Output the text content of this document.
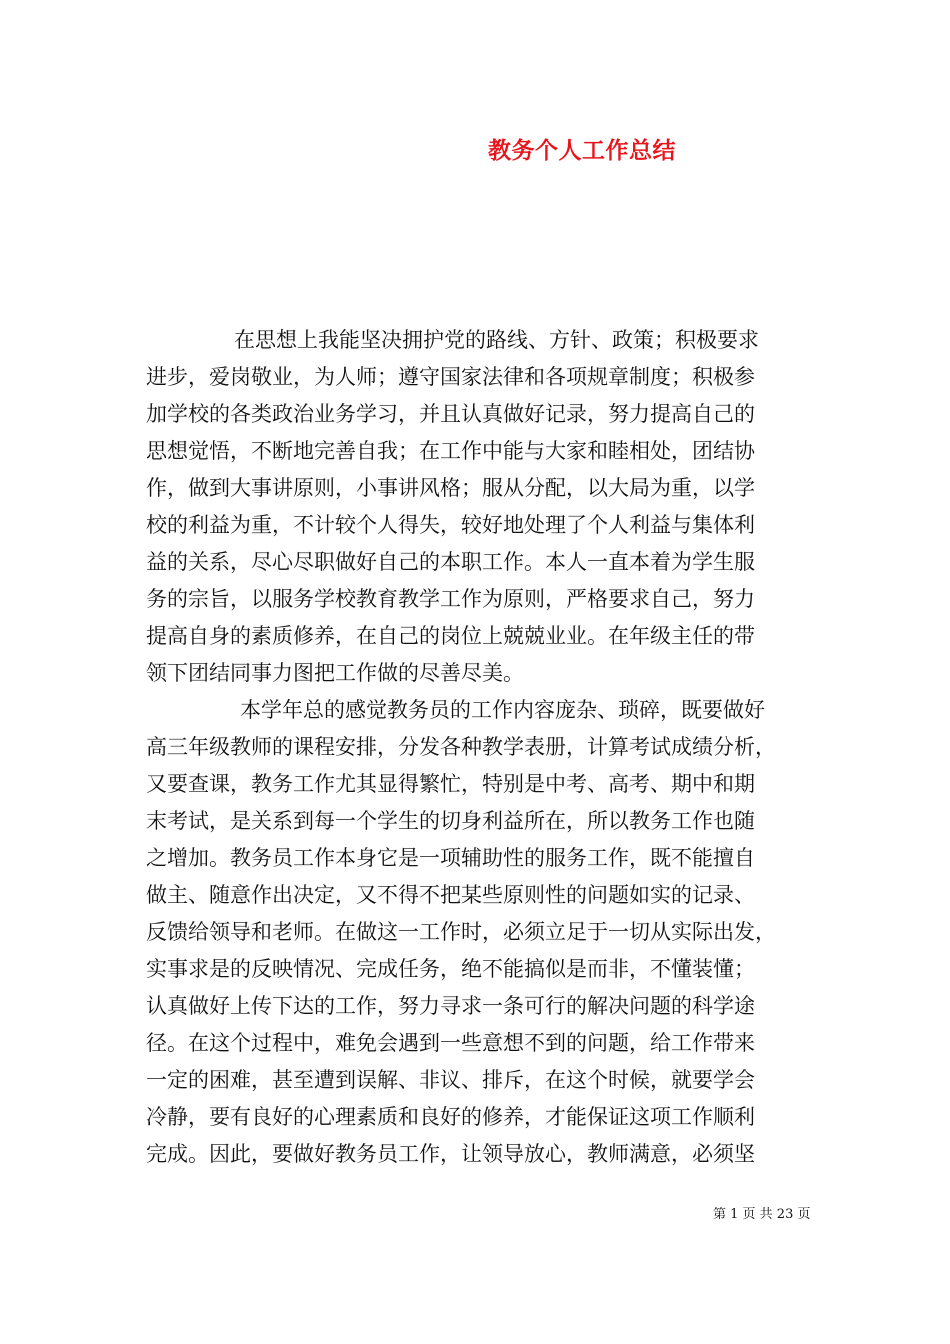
教务个人工作总结
在思想上我能坚决拥护党的路线、方针、政策；积极要求
进步，爱岗敬业，为人师；遵守国家法律和各项规章制度；积极参
加学校的各类政治业务学习，并且认真做好记录，努力提高自己的
思想觉悟，不断地完善自我；在工作中能与大家和睦相处，团结协
作，做到大事讲原则，小事讲风格；服从分配，以大局为重，以学
校的利益为重，不计较个人得失，较好地处理了个人利益与集体利
益的关系，尽心尽职做好自己的本职工作。本人一直本着为学生服
务的宗旨，以服务学校教育教学工作为原则，严格要求自己，努力
提高自身的素质修养，在自己的岗位上兢兢业业。在年级主任的带
领下团结同事力图把工作做的尽善尽美。
本学年总的感觉教务员的工作内容庞杂、琐碎，既要做好
高三年级教师的课程安排，分发各种教学表册，计算考试成绩分析，
又要查课，教务工作尤其显得繁忙，特别是中考、高考、期中和期
末考试，是关系到每一个学生的切身利益所在，所以教务工作也随
之增加。教务员工作本身它是一项辅助性的服务工作，既不能擅自
做主、随意作出决定，又不得不把某些原则性的问题如实的记录、
反馈给领导和老师。在做这一工作时，必须立足于一切从实际出发，
实事求是的反映情况、完成任务，绝不能搞似是而非，不懂装懂；
认真做好上传下达的工作，努力寻求一条可行的解决问题的科学途
径。在这个过程中，难免会遇到一些意想不到的问题，给工作带来
一定的困难，甚至遭到误解、非议、排斥，在这个时候，就要学会
冷静，要有良好的心理素质和良好的修养，才能保证这项工作顺利
完成。因此，要做好教务员工作，让领导放心，教师满意，必须坚
第 1 页 共 23 页
